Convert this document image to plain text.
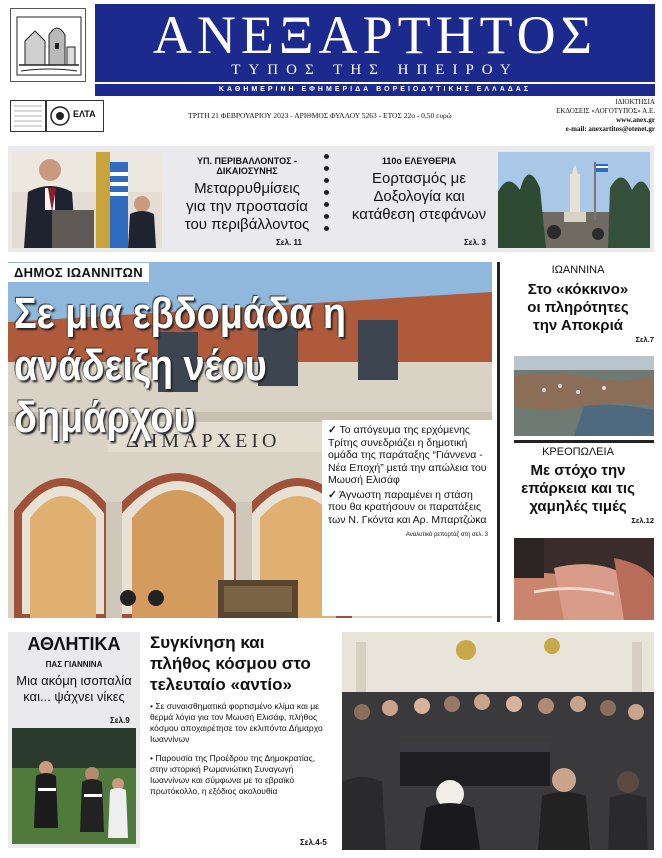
ΑΝΕΞΑΡΤΗΤΟΣ
ΤΥΠΟΣ ΤΗΣ ΗΠΕΙΡΟΥ
ΚΑΘΗΜΕΡΙΝΗ ΕΦΗΜΕΡΙΔΑ ΒΟΡΕΙΟΔΥΤΙΚΗΣ ΕΛΛΑΔΑΣ
ΕΛΤΑ	ΤΡΙΤΗ 21 ΦΕΒΡΟΥΑΡΙΟΥ 2023 - ΑΡΙΘΜΟΣ ΦΥΛΛΟΥ 5263 - ΕΤΟΣ 22ο - 0,50 ευρώ
ΙΔΙΟΚΤΗΣΙΑ
ΕΚΔΟΣΕΙΣ «ΛΟΓΟΤΥΠΟΣ» Α.Ε.
www.anex.gr
e-mail: anexartitos@otenet.gr
ΥΠ. ΠΕΡΙΒΑΛΛΟΝΤΟΣ - ΔΙΚΑΙΟΣΥΝΗΣ
Μεταρρυθμίσεις
για την προστασία
του περιβάλλοντος
Σελ. 11
110ο ΕΛΕΥΘΕΡΙΑ
Εορτασμός με
Δοξολογία και
κατάθεση στεφάνων
Σελ. 3
ΔΗΜΑΡΧΕΙΟ
ΔΗΜΟΣ ΙΩΑΝΝΙΤΩΝ
Σε μια εβδομάδα η
ανάδειξη νέου δημάρχου	✓ Το απόγευμα της ερχόμενης Τρίτης συνεδριάζει η δημοτική ομάδα της παράταξης “Γιάννενα - Νέα Εποχή” μετά την απώλεια του Μωυσή Ελισάφ

✓ Άγνωστη παραμένει η στάση που θα κρατήσουν οι παρατάξεις των Ν. Γκόντα και Αρ. Μπαρτζώκα

Αναλυτικό ρεπορτάζ στη σελ. 3
ΙΩΑΝΝΙΝΑ
Στο «κόκκινο»
οι πληρότητες
την Αποκριά
Σελ.7
ΚΡΕΟΠΩΛΕΙΑ
Με στόχο την
επάρκεια και τις
χαμηλές τιμές
Σελ.12
ΑΘΛΗΤΙΚΑ
ΠΑΣ ΓΙΑΝΝΙΝΑ
Μια ακόμη ισοπαλία
και... ψάχνει νίκες
Σελ.9
Συγκίνηση και
πλήθος κόσμου στο
τελευταίο «αντίο»
• Σε συναισθηματικά φορτισμένο κλίμα και με θερμά λόγια για τον Μωυσή Ελισάφ, πλήθος κόσμου αποχαιρέτησε τον εκλιπόντα Δήμαρχο Ιωαννίνων
• Παρουσία της Προέδρου της Δημοκρατίας, στην ιστορική Ρωμανιώτικη Συναγωγή Ιωαννίνων και σύμφωνα με το εβραϊκό πρωτόκολλο, η εξόδιος ακολουθία
Σελ.4-5
